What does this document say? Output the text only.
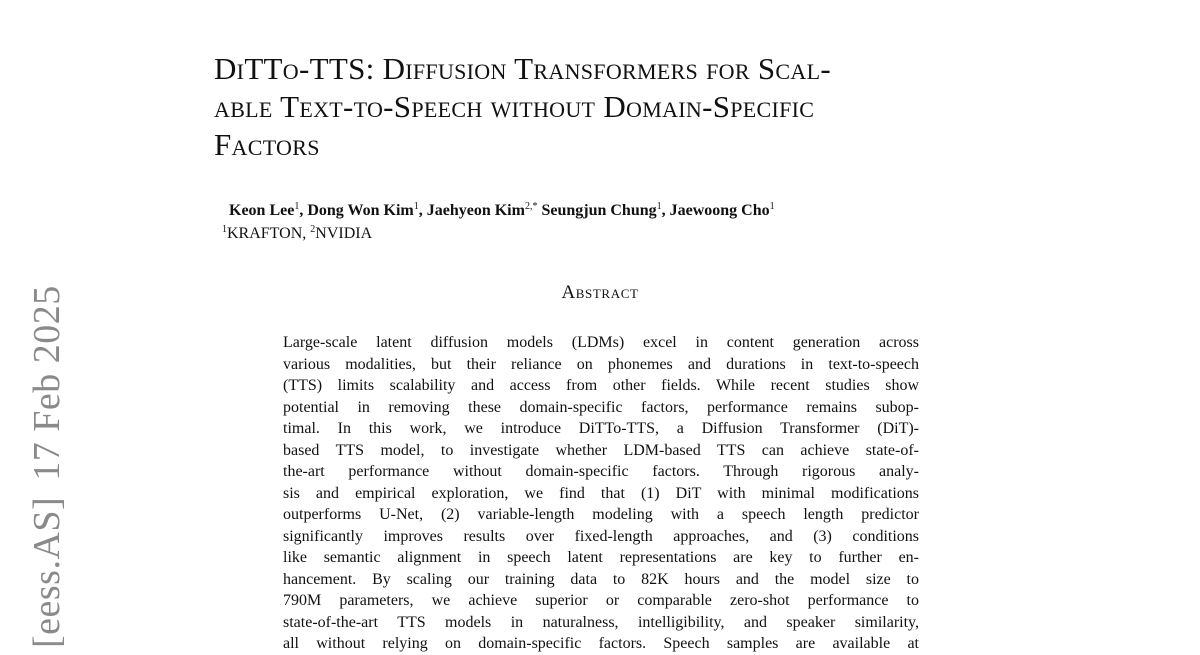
[eess.AS]17 Feb 2025
DiTTo-TTS: Diffusion Transformers for Scal-
able Text-to-Speech without Domain-Specific
Factors
Keon Lee$^1$, Dong Won Kim$^1$, Jaehyeon Kim$^{2,*}$ Seungjun Chung$^1$, Jaewoong Cho$^1$
$^1$KRAFTON, $^2$NVIDIA
Abstract
Large-scale latent diffusion models (LDMs) excel in content generation across
various modalities, but their reliance on phonemes and durations in text-to-speech
(TTS) limits scalability and access from other fields. While recent studies show
potential in removing these domain-specific factors, performance remains subop-
timal. In this work, we introduce DiTTo-TTS, a Diffusion Transformer (DiT)-
based TTS model, to investigate whether LDM-based TTS can achieve state-of-
the-art performance without domain-specific factors. Through rigorous analy-
sis and empirical exploration, we find that (1) DiT with minimal modifications
outperforms U-Net, (2) variable-length modeling with a speech length predictor
significantly improves results over fixed-length approaches, and (3) conditions
like semantic alignment in speech latent representations are key to further en-
hancement. By scaling our training data to 82K hours and the model size to
790M parameters, we achieve superior or comparable zero-shot performance to
state-of-the-art TTS models in naturalness, intelligibility, and speaker similarity,
all without relying on domain-specific factors. Speech samples are available at
